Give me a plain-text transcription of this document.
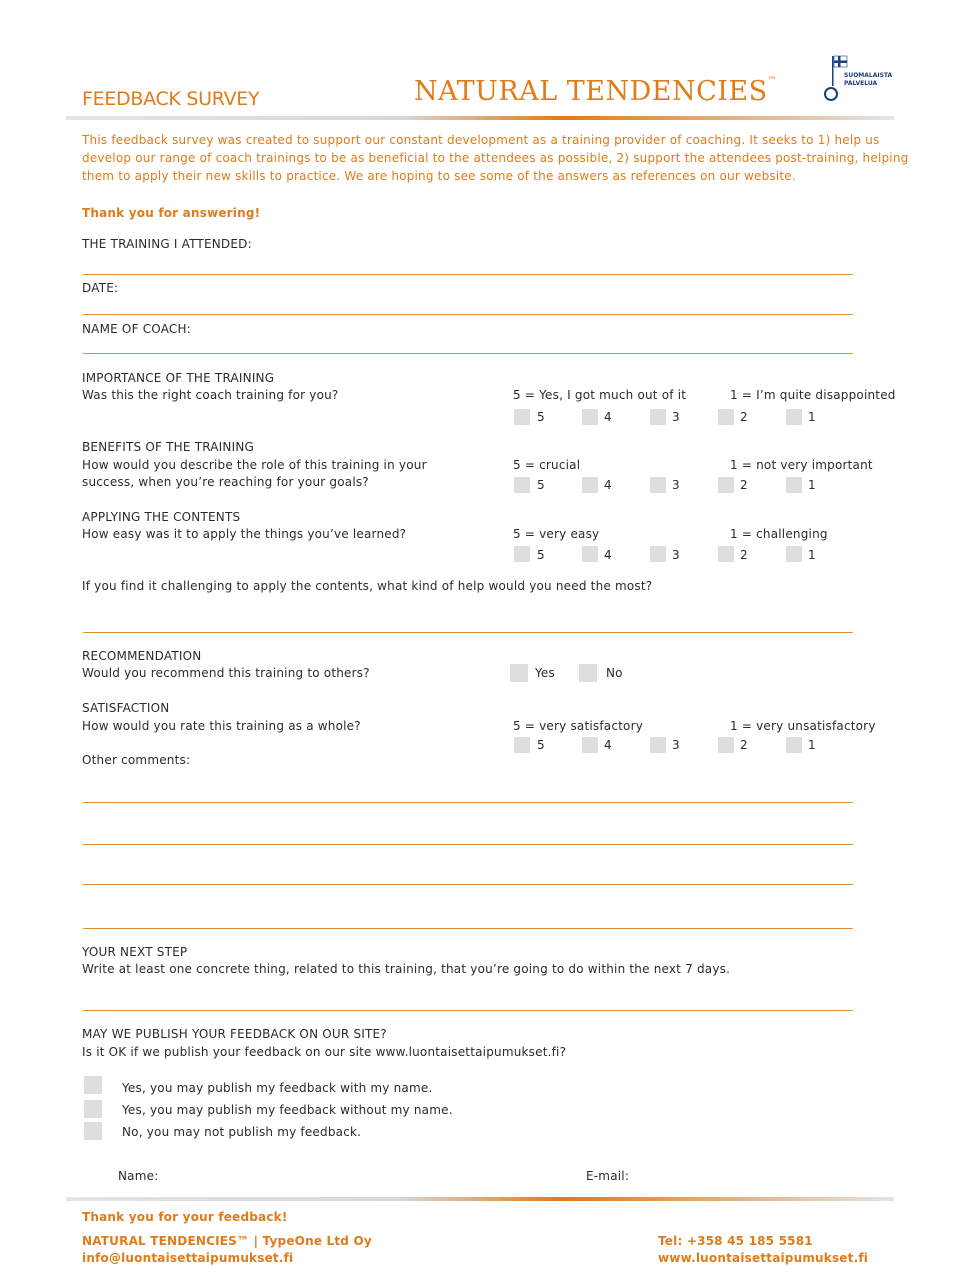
FEEDBACK SURVEY	NATURAL TENDENCIES™
SUOMALAISTA PALVELUA
This feedback survey was created to support our constant development as a training provider of coaching. It seeks to 1) help us
develop our range of coach trainings to be as beneficial to the attendees as possible, 2) support the attendees post-training, helping
them to apply their new skills to practice. We are hoping to see some of the answers as references on our website.
Thank you for answering!
THE TRAINING I ATTENDED:
DATE:
NAME OF COACH:
IMPORTANCE OF THE TRAINING
Was this the right coach training for you?	5 = Yes, I got much out of it	1 = I’m quite disappointed
5	4	3	2	1
BENEFITS OF THE TRAINING
How would you describe the role of this training in your
success, when you’re reaching for your goals?
5 = crucial	1 = not very important
5	4	3	2	1
APPLYING THE CONTENTS
How easy was it to apply the things you’ve learned?	5 = very easy	1 = challenging
5	4	3	2	1
If you find it challenging to apply the contents, what kind of help would you need the most?
RECOMMENDATION
Would you recommend this training to others?	Yes	No
SATISFACTION
How would you rate this training as a whole?	5 = very satisfactory	1 = very unsatisfactory
5	4	3	2	1
Other comments:
YOUR NEXT STEP
Write at least one concrete thing, related to this training, that you’re going to do within the next 7 days.
MAY WE PUBLISH YOUR FEEDBACK ON OUR SITE?
Is it OK if we publish your feedback on our site www.luontaisettaipumukset.fi?
Yes, you may publish my feedback with my name.
Yes, you may publish my feedback without my name.
No, you may not publish my feedback.
Name:	E-mail:
Thank you for your feedback!
NATURAL TENDENCIES™ | TypeOne Ltd Oy
info@luontaisettaipumukset.fi
Tel: +358 45 185 5581
www.luontaisettaipumukset.fi
